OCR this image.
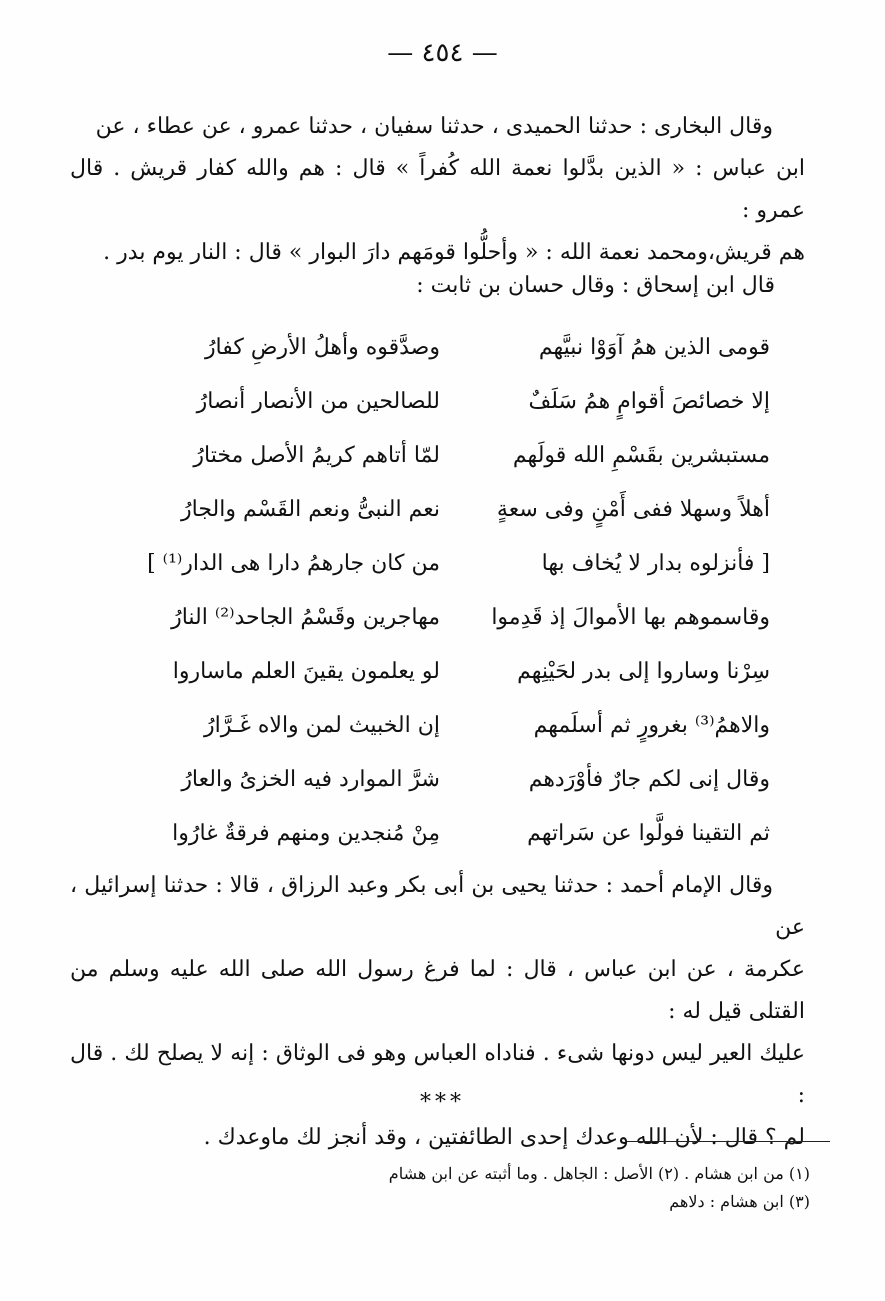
— ٤٥٤ —

وقال البخارى : حدثنا الحميدى ، حدثنا سفيان ، حدثنا عمرو ، عن عطاء ، عن

ابن عباس : « الذين بدَّلوا نعمة الله كُفراً » قال : هم والله كفار قريش . قال عمرو :

هم قريش،ومحمد نعمة الله : « وأحلُّوا قومَهم دارَ البوار » قال : النار يوم بدر .

قال ابن إسحاق : وقال حسان بن ثابت :

قومى الذين همُ آوَوْا نبيَّهم
وصدَّقوه وأهلُ الأرضِ كفارُ
إلا خصائصَ أقوامٍ همُ سَلَفٌ
للصالحين من الأنصار أنصارُ
مستبشرين بقَسْمِ الله قولَهم
لمّا أتاهم كريمُ الأصل مختارُ
أهلاً وسهلا ففى أَمْنٍ وفى سعةٍ
نعم النبىُّ ونعم القَسْم والجارُ
[ فأنزلوه بدار لا يُخاف بها
من كان جارهمُ دارا هى الدار⁽¹⁾ ]
وقاسموهم بها الأموالَ إذ قَدِموا
مهاجرين وقَسْمُ الجاحد⁽²⁾ النارُ
سِرْنا وساروا إلى بدر لحَيْنِهم
لو يعلمون يقينَ العلم ماساروا
والاهمُ⁽³⁾ بغرورٍ ثم أسلَمهم
إن الخبيث لمن والاه غَـرَّارُ
وقال إنى لكم جارٌ فأوْرَدهم
شرَّ الموارد فيه الخزىُ والعارُ
ثم التقينا فولَّوا عن سَراتهم
مِنْ مُنجدين ومنهم فرقةٌ غارُوا

وقال الإمام أحمد : حدثنا يحيى بن أبى بكر وعبد الرزاق ، قالا : حدثنا إسرائيل ، عن

عكرمة ، عن ابن عباس ، قال : لما فرغ رسول الله صلى الله عليه وسلم من القتلى قيل له :

عليك العير ليس دونها شىء . فناداه العباس وهو فى الوثاق : إنه لا يصلح لك . قال :

لم ؟ قال : لأن الله وعدك إحدى الطائفتين ، وقد أنجز لك ماوعدك .

***
(١) من ابن هشام . (٢) الأصل : الجاهل . وما أثبته عن ابن هشام
(٣) ابن هشام : دلاهم
